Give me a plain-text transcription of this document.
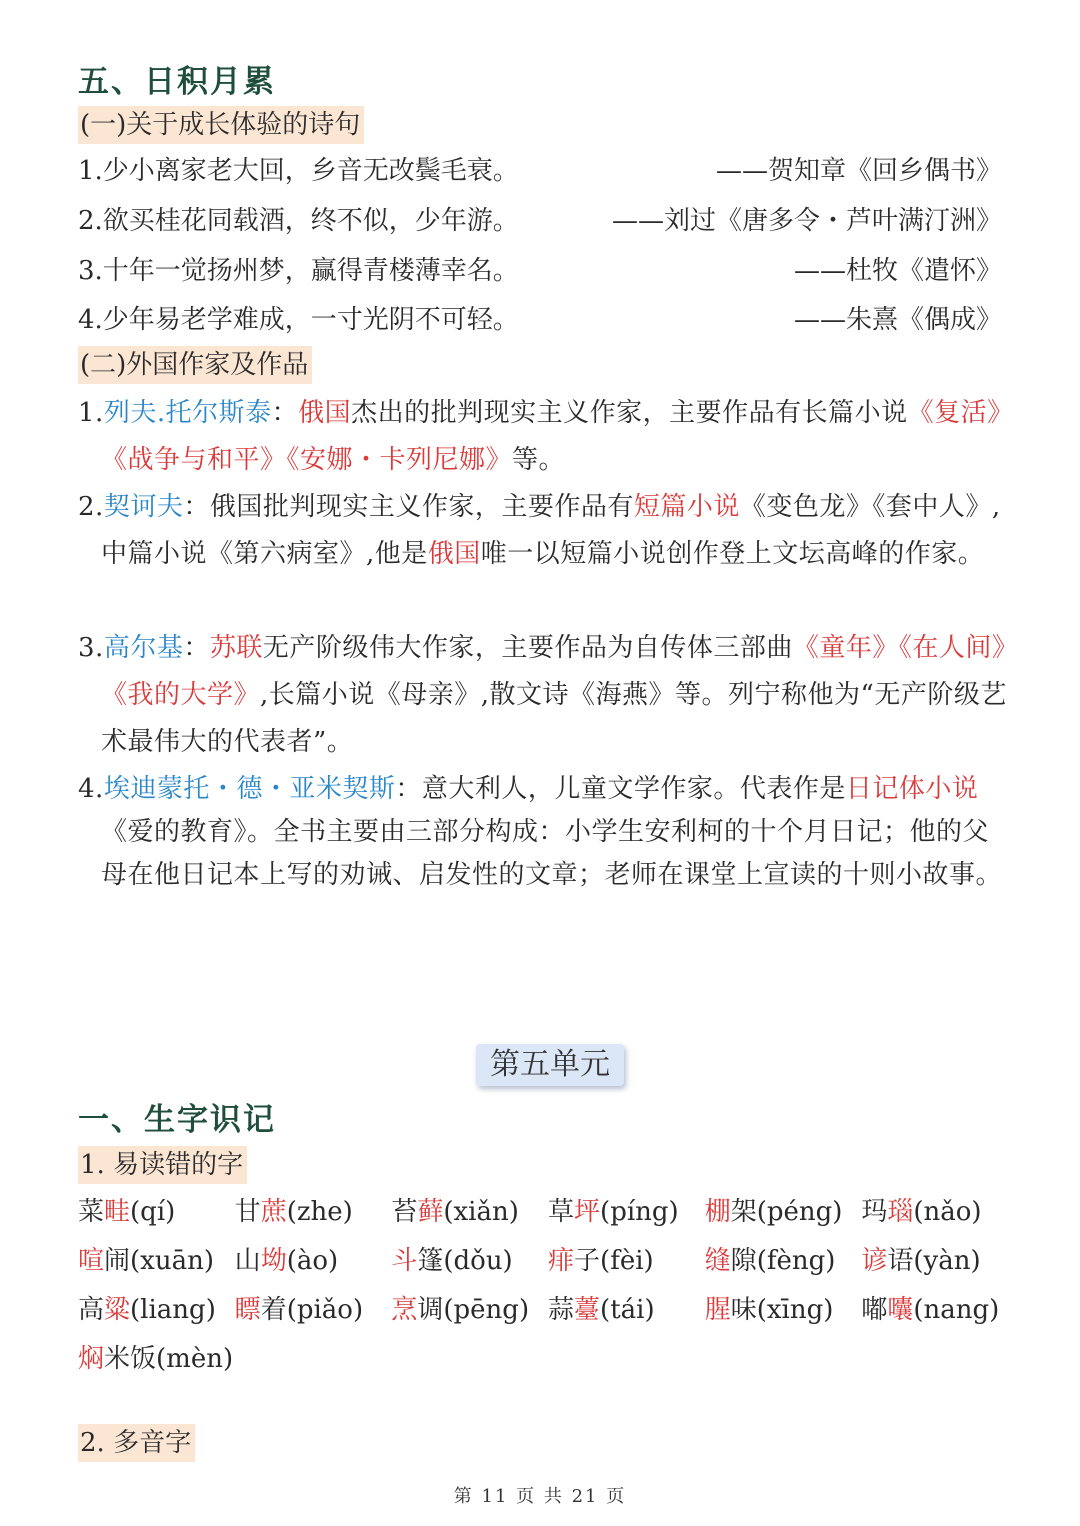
五、日积月累
(一)关于成长体验的诗句
1.少小离家老大回，乡音无改鬓毛衰。	——贺知章《回乡偶书》
2.欲买桂花同载酒，终不似，少年游。	——刘过《唐多令・芦叶满汀洲》
3.十年一觉扬州梦，赢得青楼薄幸名。	——杜牧《遣怀》
4.少年易老学难成，一寸光阴不可轻。	——朱熹《偶成》
(二)外国作家及作品
1.列夫.托尔斯泰：俄国杰出的批判现实主义作家，主要作品有长篇小说《复活》《战争与和平》《安娜・卡列尼娜》等。
2.契诃夫：俄国批判现实主义作家，主要作品有短篇小说《变色龙》《套中人》,中篇小说《第六病室》,他是俄国唯一以短篇小说创作登上文坛高峰的作家。
3.高尔基：苏联无产阶级伟大作家，主要作品为自传体三部曲《童年》《在人间》《我的大学》,长篇小说《母亲》,散文诗《海燕》等。列宁称他为“无产阶级艺术最伟大的代表者”。
4.埃迪蒙托・德・亚米契斯：意大利人，儿童文学作家。代表作是日记体小说《爱的教育》。全书主要由三部分构成：小学生安利柯的十个月日记；他的父母在他日记本上写的劝诫、启发性的文章；老师在课堂上宣读的十则小故事。
第五单元
一、生字识记
1. 易读错的字
菜畦(qí)	甘蔗(zhe)	苔藓(xiǎn)	草坪(píng)	棚架(péng) 玛瑙(nǎo)
喧闹(xuān) 山坳(ào)	斗篷(dǒu)	痱子(fèi)	缝隙(fèng) 谚语(yàn)
高粱(liang) 瞟着(piǎo)	烹调(pēng) 蒜薹(tái)	腥味(xīng)	嘟囔(nang)
焖米饭(mèn)
2. 多音字
第 11 页 共 21 页
